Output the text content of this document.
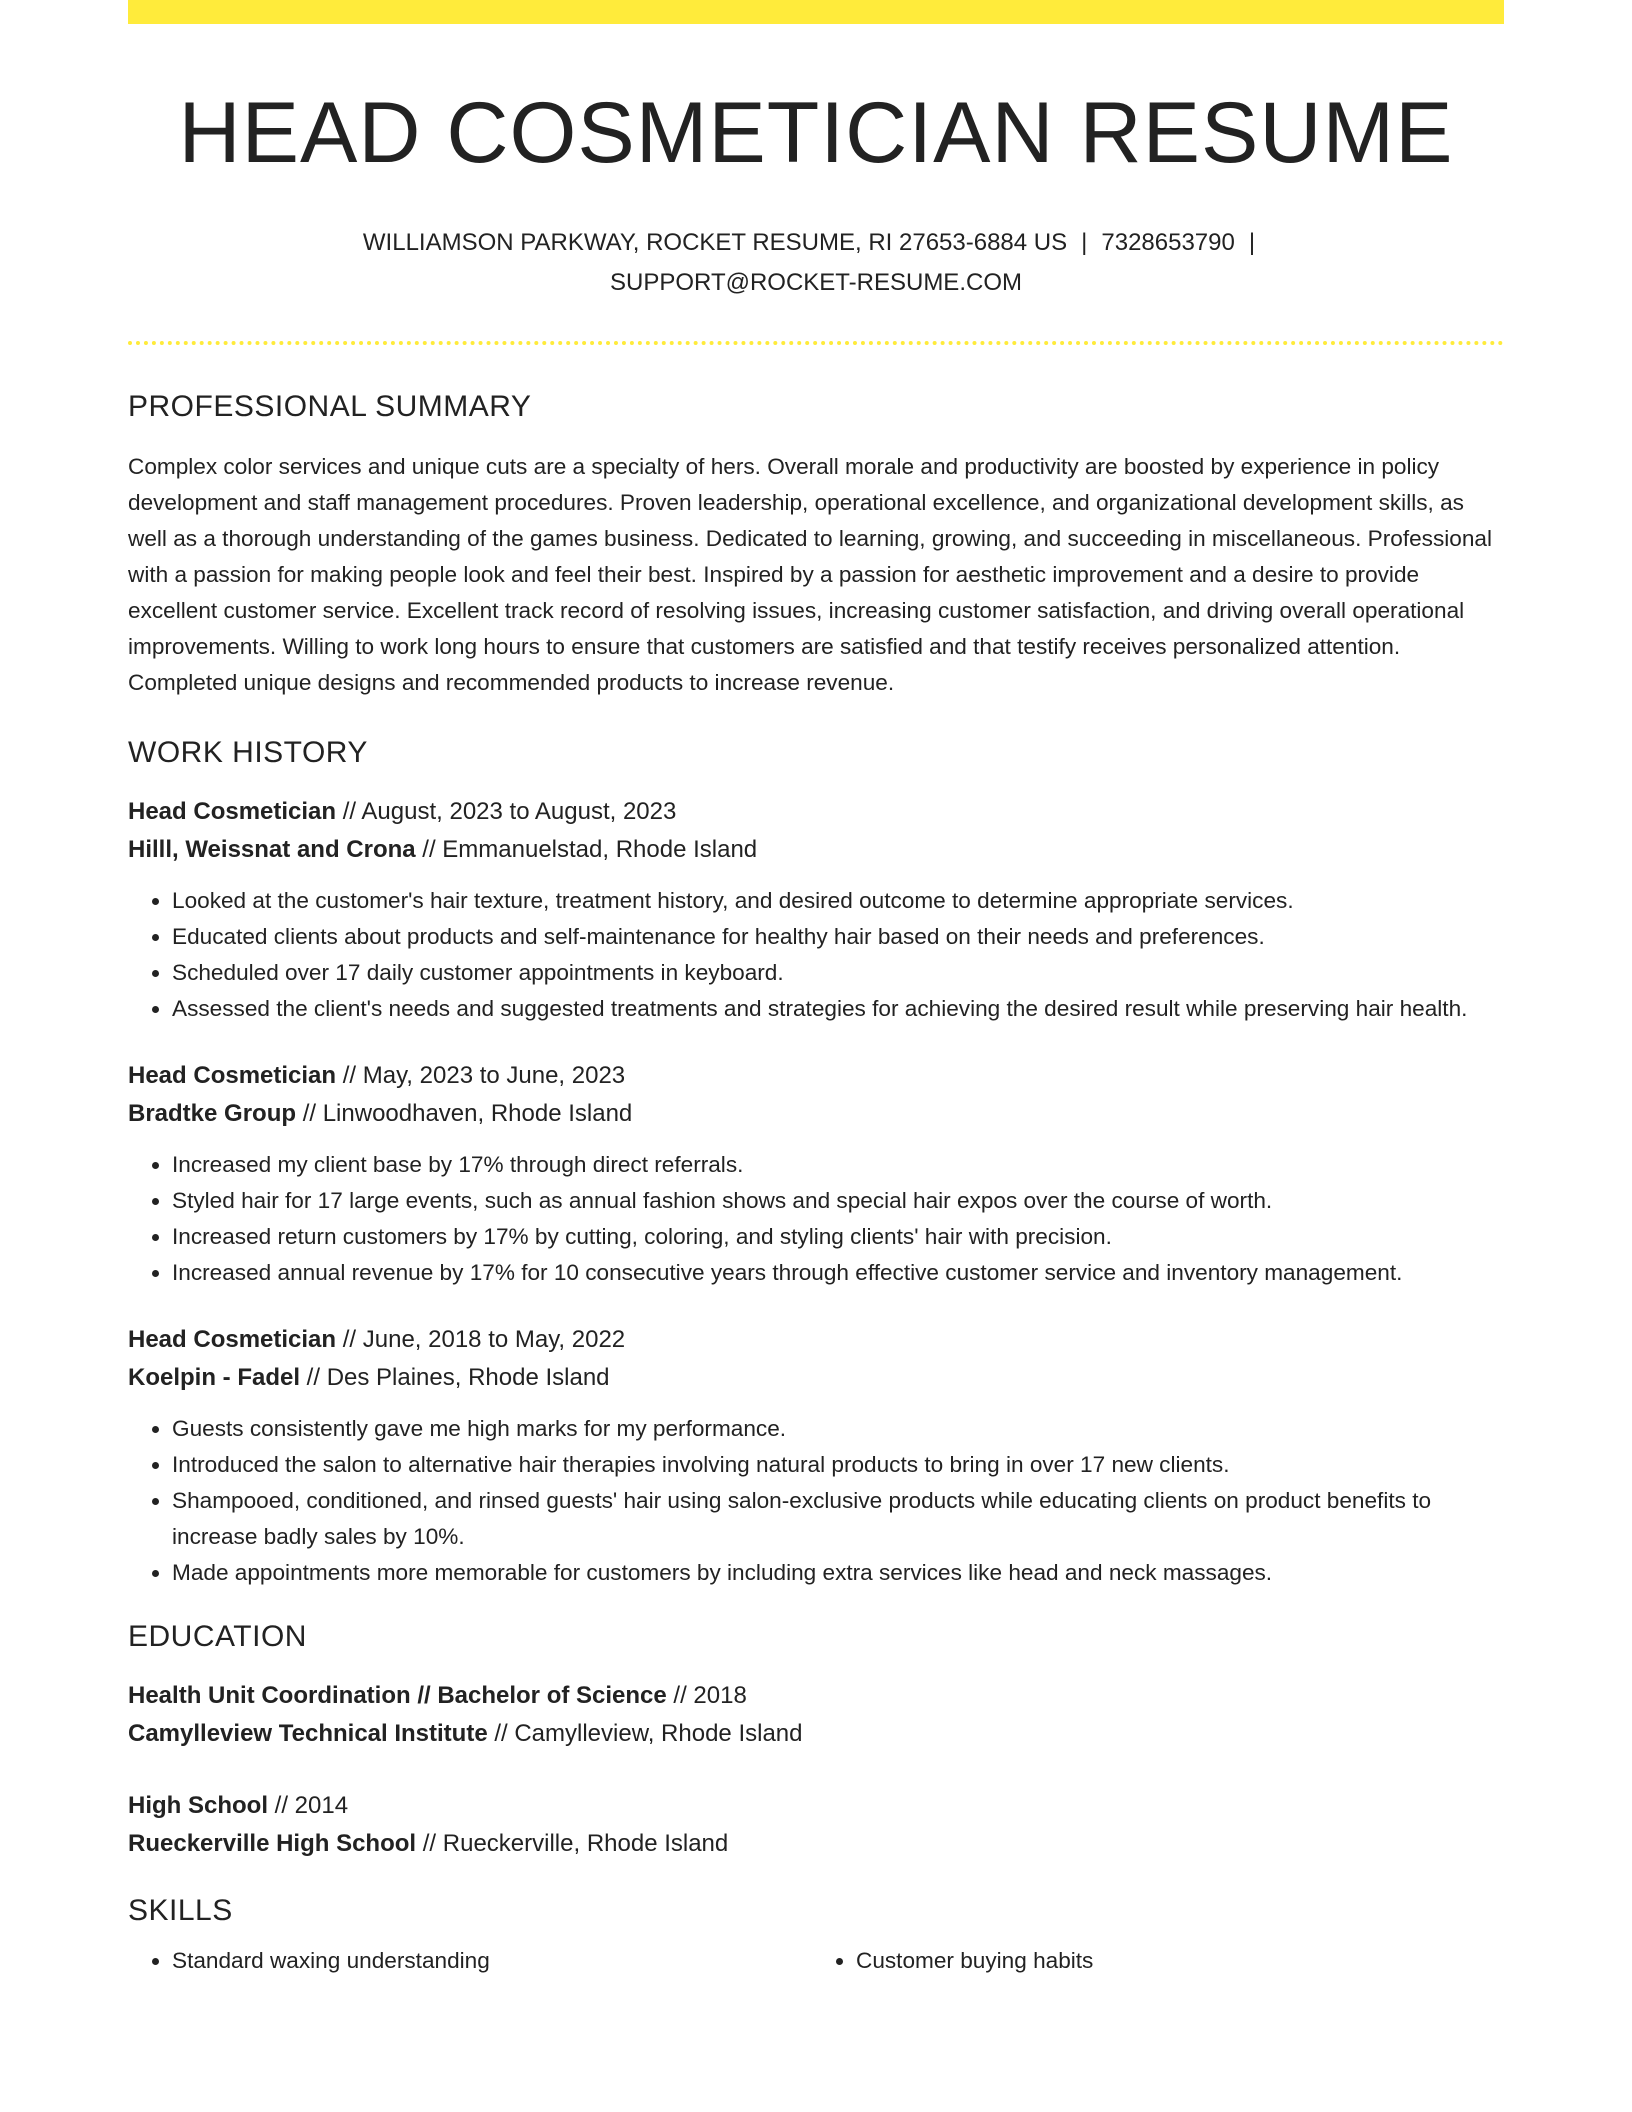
HEAD COSMETICIAN RESUME
WILLIAMSON PARKWAY, ROCKET RESUME, RI 27653-6884 US | 7328653790 |
SUPPORT@ROCKET-RESUME.COM
PROFESSIONAL SUMMARY

Complex color services and unique cuts are a specialty of hers. Overall morale and productivity are boosted by experience in policy development and staff management procedures. Proven leadership, operational excellence, and organizational development skills, as well as a thorough understanding of the games business. Dedicated to learning, growing, and succeeding in miscellaneous. Professional with a passion for making people look and feel their best. Inspired by a passion for aesthetic improvement and a desire to provide excellent customer service. Excellent track record of resolving issues, increasing customer satisfaction, and driving overall operational improvements. Willing to work long hours to ensure that customers are satisfied and that testify receives personalized attention. Completed unique designs and recommended products to increase revenue.

WORK HISTORY
Head Cosmetician // August, 2023 to August, 2023
Hilll, Weissnat and Crona // Emmanuelstad, Rhode Island
• Looked at the customer's hair texture, treatment history, and desired outcome to determine appropriate services.
• Educated clients about products and self-maintenance for healthy hair based on their needs and preferences.
• Scheduled over 17 daily customer appointments in keyboard.
• Assessed the client's needs and suggested treatments and strategies for achieving the desired result while preserving hair health.
Head Cosmetician // May, 2023 to June, 2023
Bradtke Group // Linwoodhaven, Rhode Island
• Increased my client base by 17% through direct referrals.
• Styled hair for 17 large events, such as annual fashion shows and special hair expos over the course of worth.
• Increased return customers by 17% by cutting, coloring, and styling clients' hair with precision.
• Increased annual revenue by 17% for 10 consecutive years through effective customer service and inventory management.
Head Cosmetician // June, 2018 to May, 2022
Koelpin - Fadel // Des Plaines, Rhode Island
• Guests consistently gave me high marks for my performance.
• Introduced the salon to alternative hair therapies involving natural products to bring in over 17 new clients.
• Shampooed, conditioned, and rinsed guests' hair using salon-exclusive products while educating clients on product benefits to increase badly sales by 10%.
• Made appointments more memorable for customers by including extra services like head and neck massages.
EDUCATION
Health Unit Coordination // Bachelor of Science // 2018
Camylleview Technical Institute // Camylleview, Rhode Island
High School // 2014
Rueckerville High School // Rueckerville, Rhode Island
SKILLS
• Standard waxing understanding
•	Customer buying habits
